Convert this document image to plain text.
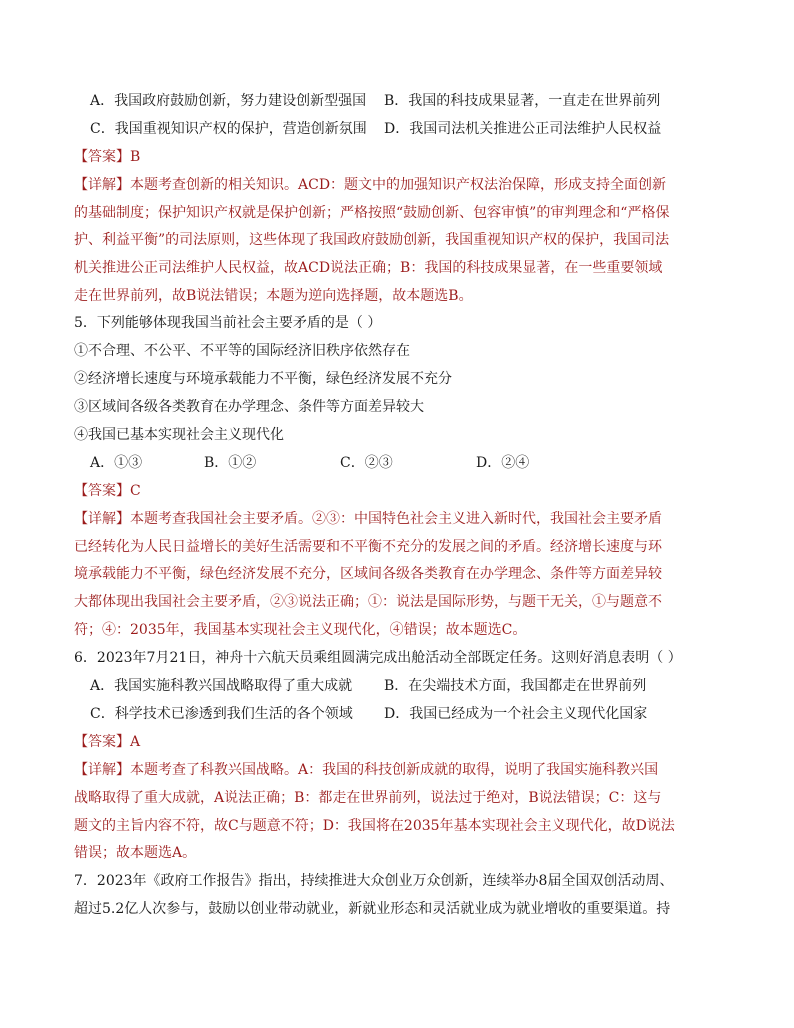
A．我国政府鼓励创新，努力建设创新型强国 B．我国的科技成果显著，一直走在世界前列
C．我国重视知识产权的保护，营造创新氛围 D．我国司法机关推进公正司法维护人民权益
【答案】B
【详解】本题考查创新的相关知识。ACD：题文中的加强知识产权法治保障，形成支持全面创新
的基础制度；保护知识产权就是保护创新；严格按照“鼓励创新、包容审慎”的审判理念和“严格保
护、利益平衡”的司法原则，这些体现了我国政府鼓励创新，我国重视知识产权的保护，我国司法
机关推进公正司法维护人民权益，故ACD说法正确；B：我国的科技成果显著，在一些重要领域
走在世界前列，故B说法错误；本题为逆向选择题，故本题选B。
5．下列能够体现我国当前社会主要矛盾的是（ ）
①不合理、不公平、不平等的国际经济旧秩序依然存在
②经济增长速度与环境承载能力不平衡，绿色经济发展不充分
③区域间各级各类教育在办学理念、条件等方面差异较大
④我国已基本实现社会主义现代化
A．①③	B．①②	C．②③	D．②④
【答案】C
【详解】本题考查我国社会主要矛盾。②③：中国特色社会主义进入新时代，我国社会主要矛盾
已经转化为人民日益增长的美好生活需要和不平衡不充分的发展之间的矛盾。经济增长速度与环
境承载能力不平衡，绿色经济发展不充分，区域间各级各类教育在办学理念、条件等方面差异较
大都体现出我国社会主要矛盾，②③说法正确；①：说法是国际形势，与题干无关，①与题意不
符；④：2035年，我国基本实现社会主义现代化，④错误；故本题选C。
6．2023年7月21日，神舟十六航天员乘组圆满完成出舱活动全部既定任务。这则好消息表明（ ）
A．我国实施科教兴国战略取得了重大成就 B．在尖端技术方面，我国都走在世界前列
C．科学技术已渗透到我们生活的各个领域 D．我国已经成为一个社会主义现代化国家
【答案】A
【详解】本题考查了科教兴国战略。A：我国的科技创新成就的取得，说明了我国实施科教兴国
战略取得了重大成就，A说法正确；B：都走在世界前列，说法过于绝对，B说法错误；C：这与
题文的主旨内容不符，故C与题意不符；D：我国将在2035年基本实现社会主义现代化，故D说法
错误；故本题选A。
7．2023年《政府工作报告》指出，持续推进大众创业万众创新，连续举办8届全国双创活动周、
超过5.2亿人次参与，鼓励以创业带动就业，新就业形态和灵活就业成为就业增收的重要渠道。持
